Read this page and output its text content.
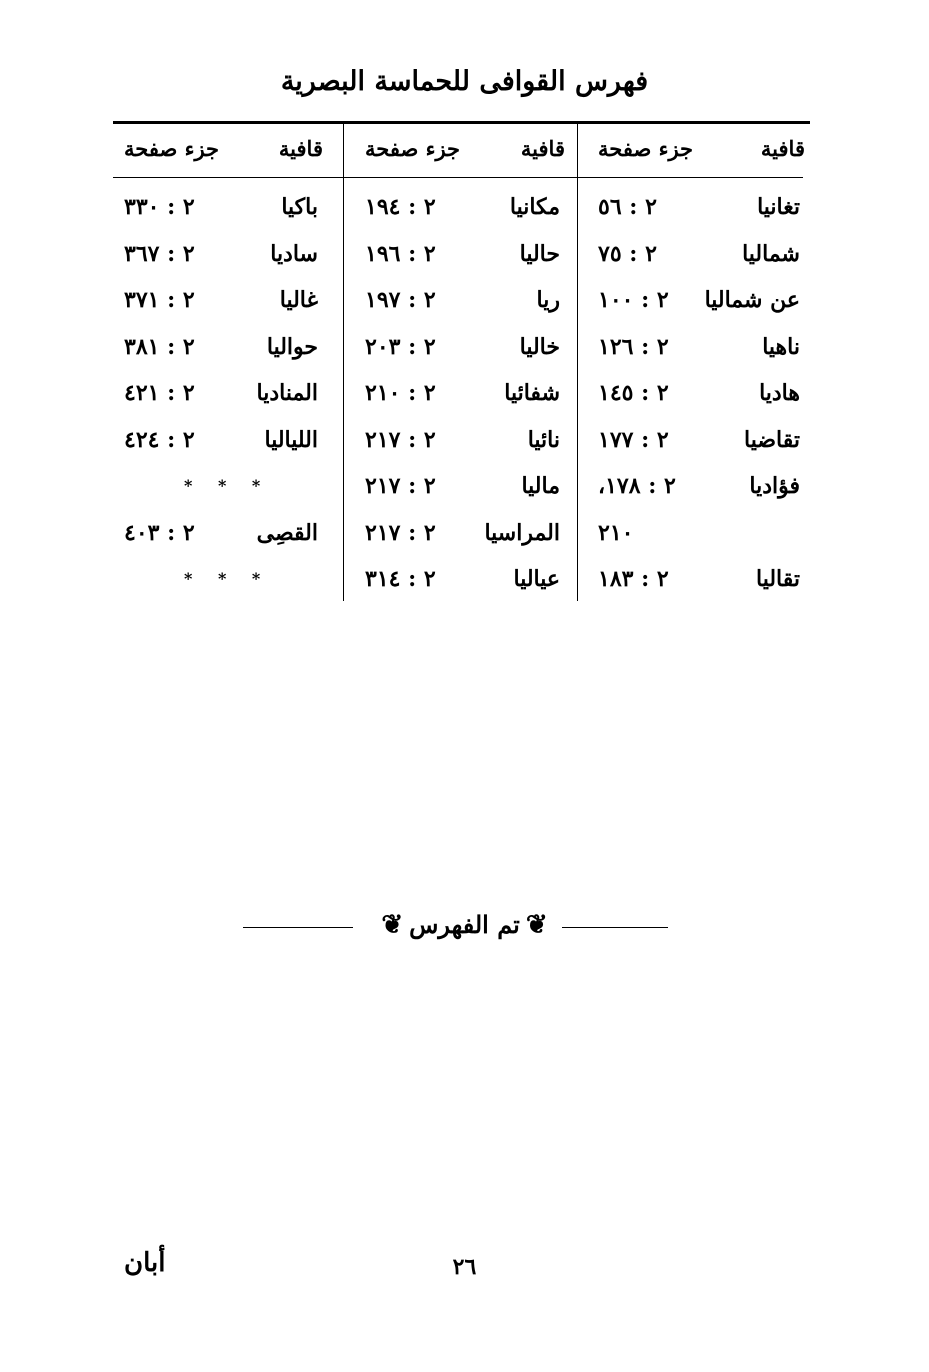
فهرس القوافى للحماسة البصرية
قافية
جزء صفحة
تغانيا
٢ : ٥٦
شماليا
٢ : ٧٥
عن شماليا
٢ : ١٠٠
ناهيا
٢ : ١٢٦
هاديا
٢ : ١٤٥
تقاضيا
٢ : ١٧٧
فؤاديا
٢ : ١٧٨،
٢١٠
تقاليا
٢ : ١٨٣
قافية
جزء صفحة
مكانيا
٢ : ١٩٤
حاليا
٢ : ١٩٦
ريا
٢ : ١٩٧
خاليا
٢ : ٢٠٣
شفائيا
٢ : ٢١٠
نائيا
٢ : ٢١٧
ماليا
٢ : ٢١٧
المراسيا
٢ : ٢١٧
عياليا
٢ : ٣١٤
قافية
جزء صفحة
باكيا
٢ : ٣٣٠
ساديا
٢ : ٣٦٧
غاليا
٢ : ٣٧١
حواليا
٢ : ٣٨١
المناديا
٢ : ٤٢١
اللياليا
٢ : ٤٢٤
* * *
القصِى
٢ : ٤٠٣
* * *
❦تم الفهرس❦
٢٦
أبان
